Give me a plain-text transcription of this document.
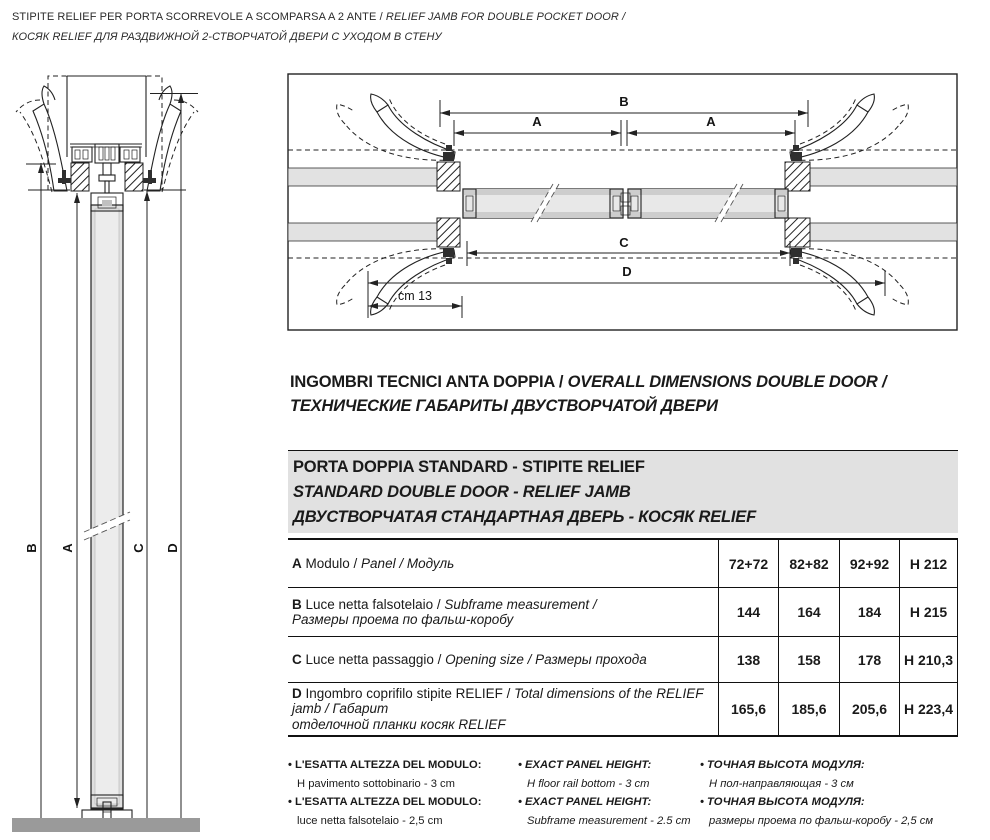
STIPITE RELIEF PER PORTA SCORREVOLE A SCOMPARSA A 2 ANTE / RELIEF JAMB FOR DOUBLE POCKET DOOR /
КОСЯК RELIEF ДЛЯ РАЗДВИЖНОЙ 2-СТВОРЧАТОЙ ДВЕРИ С УХОДОМ В СТЕНУ
B A	C D
B
A	A
C
D
cm 13
INGOMBRI TECNICI ANTA DOPPIA / OVERALL DIMENSIONS DOUBLE DOOR /
ТЕХНИЧЕСКИЕ ГАБАРИТЫ ДВУСТВОРЧАТОЙ ДВЕРИ
PORTA DOPPIA STANDARD - STIPITE RELIEF
STANDARD DOUBLE DOOR - RELIEF JAMB
ДВУСТВОРЧАТАЯ СТАНДАРТНАЯ ДВЕРЬ - КОСЯК RELIEF
A Modulo / Panel / Модуль	72+72	82+82	92+92	H 212
B Luce netta falsotelaio / Subframe measurement /
Размеры проема по фальш-коробу	144	164	184	H 215
C Luce netta passaggio / Opening size / Размеры прохода	138	158	178	H 210,3
D Ingombro coprifilo stipite RELIEF / Total dimensions of the RELIEF jamb / Габарит
отделочной планки косяк RELIEF
165,6	185,6	205,6	H 223,4
• L'ESATTA ALTEZZA DEL MODULO:
H pavimento sottobinario - 3 cm
• L'ESATTA ALTEZZA DEL MODULO:
luce netta falsotelaio - 2,5 cm
• EXACT PANEL HEIGHT:
H floor rail bottom - 3 cm
• EXACT PANEL HEIGHT:
Subframe measurement - 2.5 cm
• ТОЧНАЯ ВЫСОТА МОДУЛЯ:
Н пол-направляющая - 3 см
• ТОЧНАЯ ВЫСОТА МОДУЛЯ:
размеры проема по фальш-коробу - 2,5 см
